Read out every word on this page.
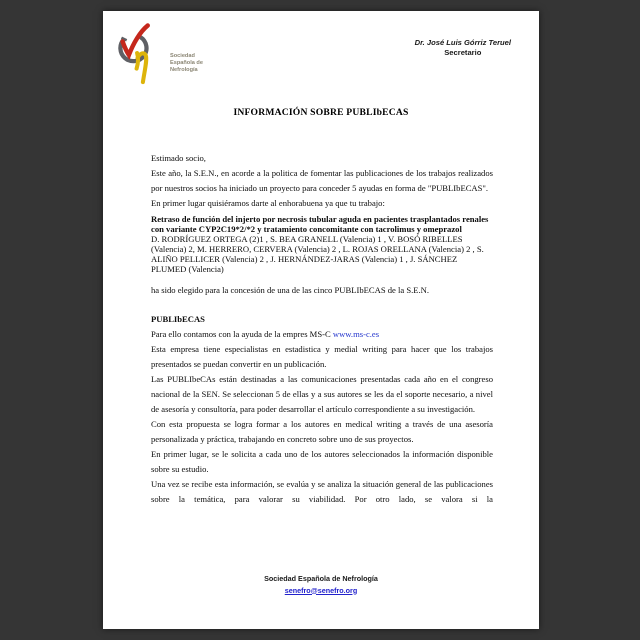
Sociedad
Española de
Nefrología
Dr. José Luis Górriz Teruel
Secretario
INFORMACIÓN SOBRE PUBLIbECAS

Estimado socio,

Este año, la S.E.N., en acorde a la politica de fomentar las publicaciones de los trabajos realizados por nuestros socios ha iniciado un proyecto para conceder 5 ayudas en forma de "PUBLIbECAS".

En primer lugar quisiéramos darte al enhorabuena ya que tu trabajo:

Retraso de función del injerto por necrosis tubular aguda en pacientes trasplantados renales con variante CYP2C19*2/*2 y tratamiento concomitante con tacrolimus y omeprazol

D. RODRÍGUEZ ORTEGA (2)1 , S. BEA GRANELL (Valencia) 1 , V. BOSÓ RIBELLES (Valencia) 2, M. HERRERO, CERVERA (Valencia) 2 , L. ROJAS ORELLANA (Valencia) 2 , S. ALIÑO PELLICER (Valencia) 2 , J. HERNÁNDEZ-JARAS (Valencia) 1 , J. SÁNCHEZ PLUMED (Valencia)

ha sido elegido para la concesión de una de las cinco PUBLIbECAS de la S.E.N.

PUBLIbECAS

Para ello contamos con la ayuda de la empres MS-C www.ms-c.es

Esta empresa tiene especialistas en estadistica y medial writing para hacer que los trabajos presentados se puedan convertir en un publicación.

Las PUBLIbeCAs están destinadas a las comunicaciones presentadas cada año en el congreso nacional de la SEN. Se seleccionan 5 de ellas y a sus autores se les da el soporte necesario, a nivel de asesoría y consultoría, para poder desarrollar el artículo correspondiente a su investigación.

Con esta propuesta se logra formar a los autores en medical writing a través de una asesoría personalizada y práctica, trabajando en concreto sobre uno de sus proyectos.

En primer lugar, se le solicita a cada uno de los autores seleccionados la información disponible sobre su estudio.

Una vez se recibe esta información, se evalúa y se analiza la situación general de las publicaciones sobre la temática, para valorar su viabilidad. Por otro lado, se valora si la

Sociedad Española de Nefrología
senefro@senefro.org
